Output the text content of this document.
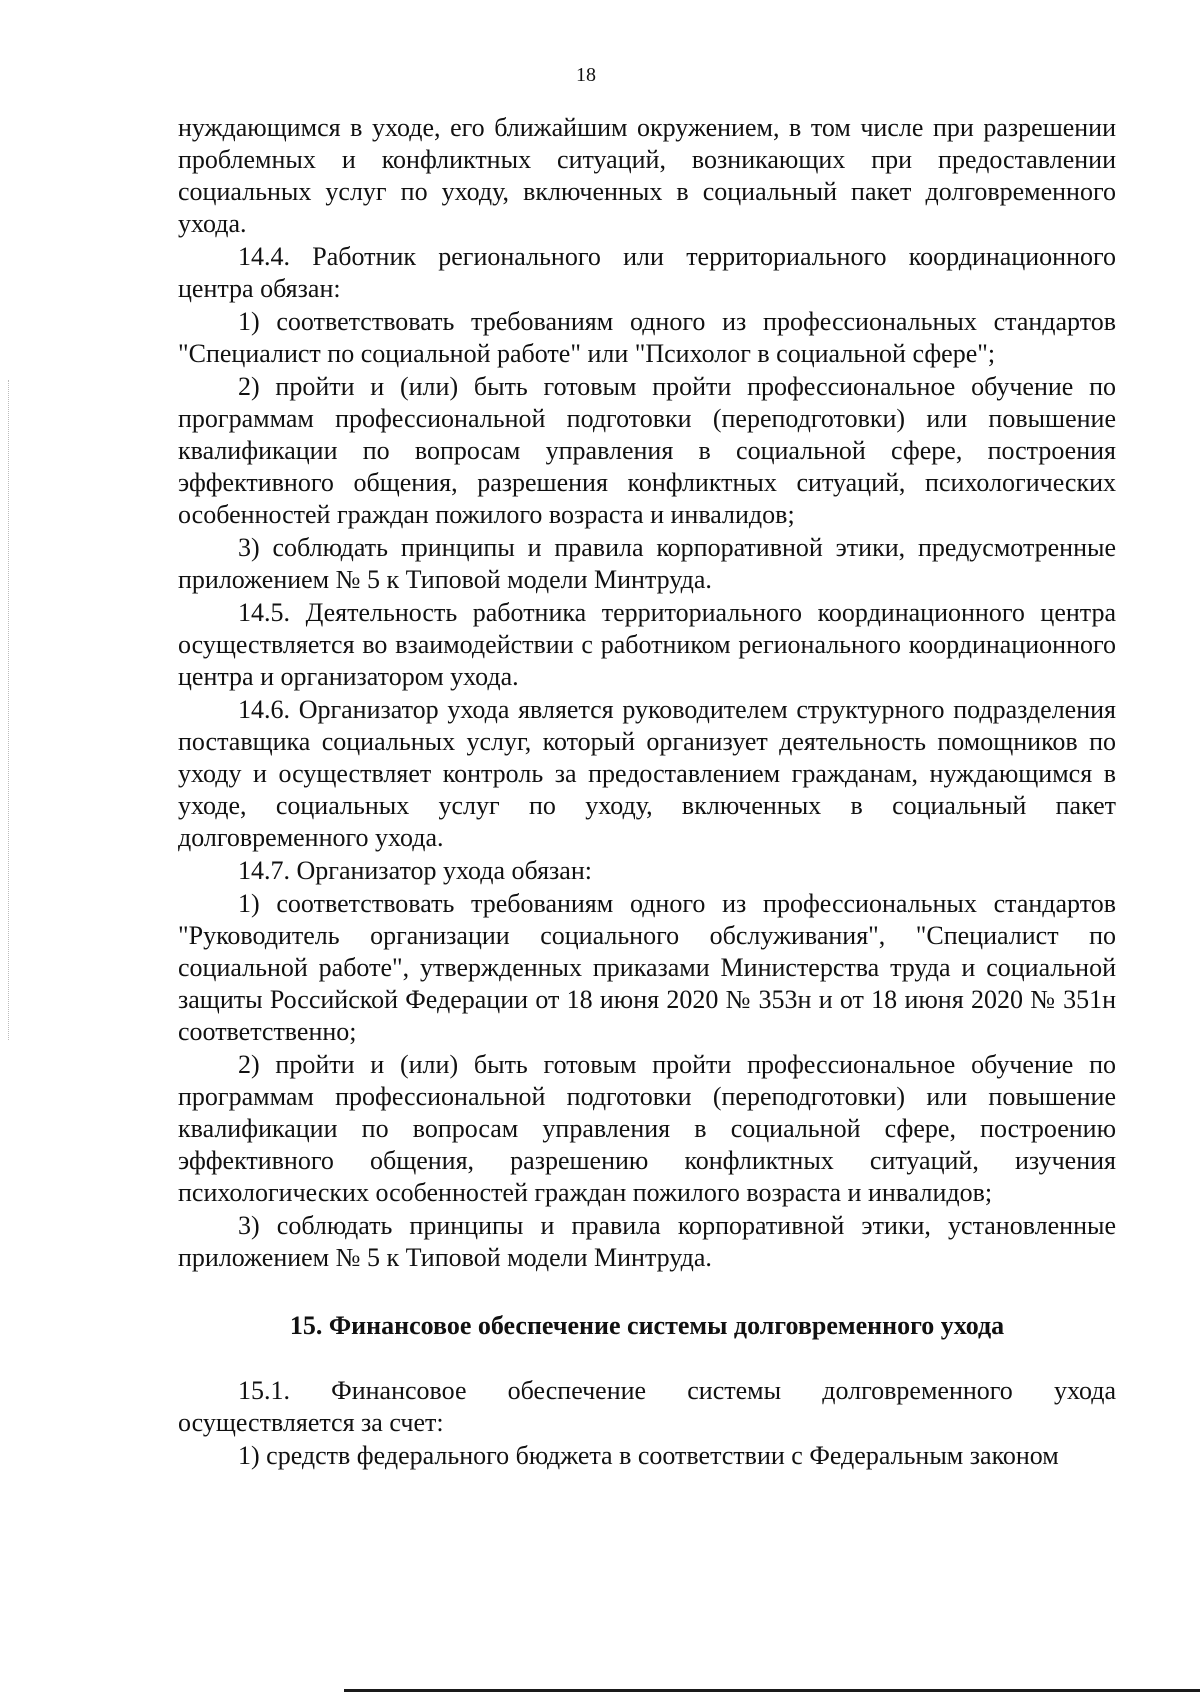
18

нуждающимся в уходе, его ближайшим окружением, в том числе при разрешении проблемных и конфликтных ситуаций, возникающих при предоставлении социальных услуг по уходу, включенных в социальный пакет долговременного ухода.

14.4. Работник регионального или территориального координационного центра обязан:

1) соответствовать требованиям одного из профессиональных стандартов "Специалист по социальной работе" или "Психолог в социальной сфере";

2) пройти и (или) быть готовым пройти профессиональное обучение по программам профессиональной подготовки (переподготовки) или повышение квалификации по вопросам управления в социальной сфере, построения эффективного общения, разрешения конфликтных ситуаций, психологических особенностей граждан пожилого возраста и инвалидов;

3) соблюдать принципы и правила корпоративной этики, предусмотренные приложением № 5 к Типовой модели Минтруда.

14.5. Деятельность работника территориального координационного центра осуществляется во взаимодействии с работником регионального координационного центра и организатором ухода.

14.6. Организатор ухода является руководителем структурного подразделения поставщика социальных услуг, который организует деятельность помощников по уходу и осуществляет контроль за предоставлением гражданам, нуждающимся в уходе, социальных услуг по уходу, включенных в социальный пакет долговременного ухода.

14.7. Организатор ухода обязан:

1) соответствовать требованиям одного из профессиональных стандартов "Руководитель организации социального обслуживания", "Специалист по социальной работе", утвержденных приказами Министерства труда и социальной защиты Российской Федерации от 18 июня 2020 № 353н и от 18 июня 2020 № 351н соответственно;

2) пройти и (или) быть готовым пройти профессиональное обучение по программам профессиональной подготовки (переподготовки) или повышение квалификации по вопросам управления в социальной сфере, построению эффективного общения, разрешению конфликтных ситуаций, изучения психологических особенностей граждан пожилого возраста и инвалидов;

3) соблюдать принципы и правила корпоративной этики, установленные приложением № 5 к Типовой модели Минтруда.

15. Финансовое обеспечение системы долговременного ухода

15.1. Финансовое обеспечение системы долговременного ухода осуществляется за счет:

1) средств федерального бюджета в соответствии с Федеральным законом
